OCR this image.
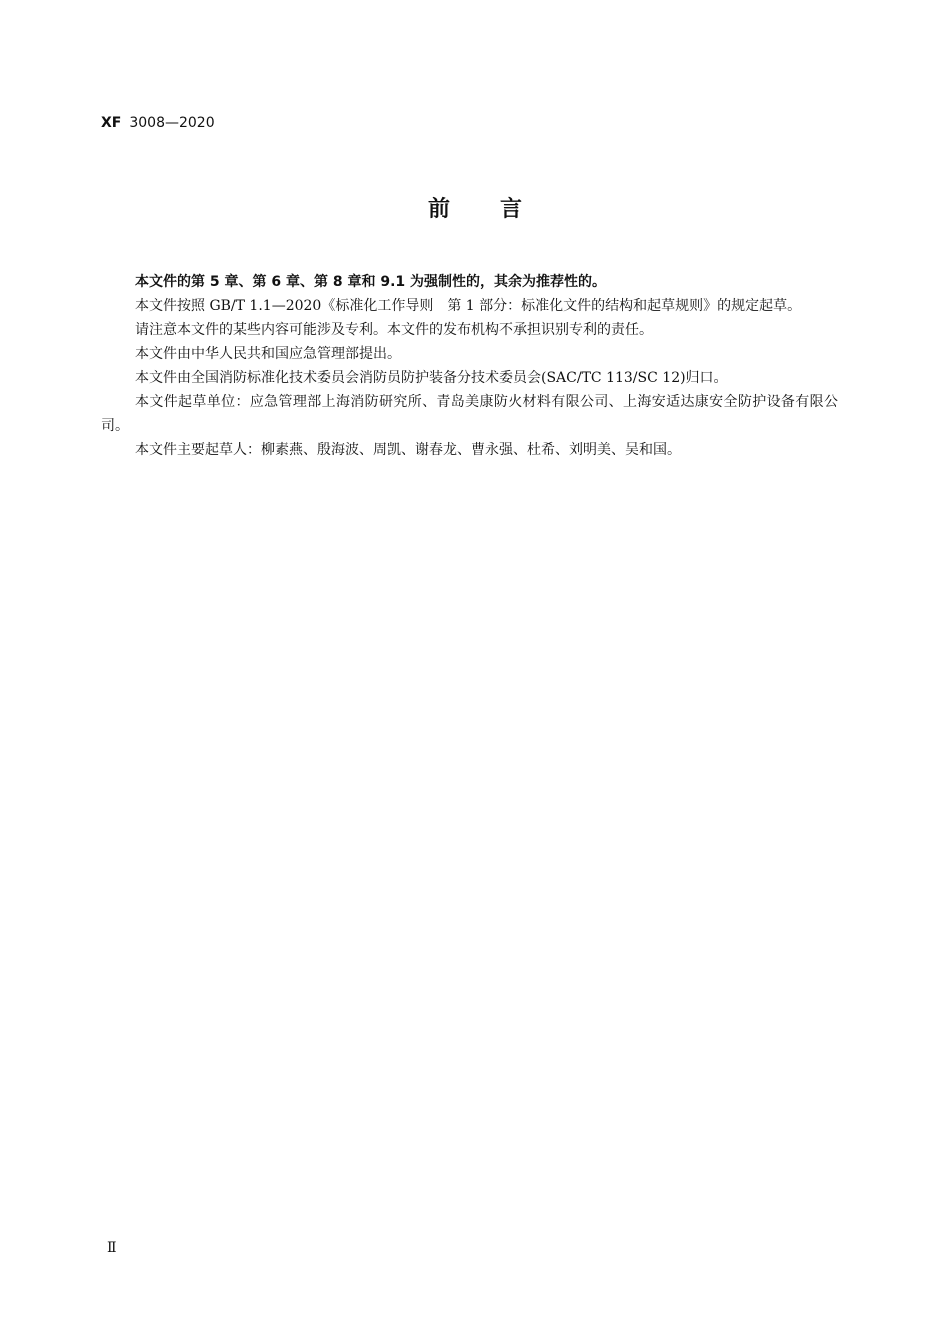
XF 3008—2020
前言

本文件的第 5 章、第 6 章、第 8 章和 9.1 为强制性的，其余为推荐性的。

本文件按照 GB/T 1.1—2020《标准化工作导则　第 1 部分：标准化文件的结构和起草规则》的规定起草。

请注意本文件的某些内容可能涉及专利。本文件的发布机构不承担识别专利的责任。

本文件由中华人民共和国应急管理部提出。

本文件由全国消防标准化技术委员会消防员防护装备分技术委员会(SAC/TC 113/SC 12)归口。

本文件起草单位：应急管理部上海消防研究所、青岛美康防火材料有限公司、上海安适达康安全防护设备有限公司。

本文件主要起草人：柳素燕、殷海波、周凯、谢春龙、曹永强、杜希、刘明美、吴和国。

Ⅱ
